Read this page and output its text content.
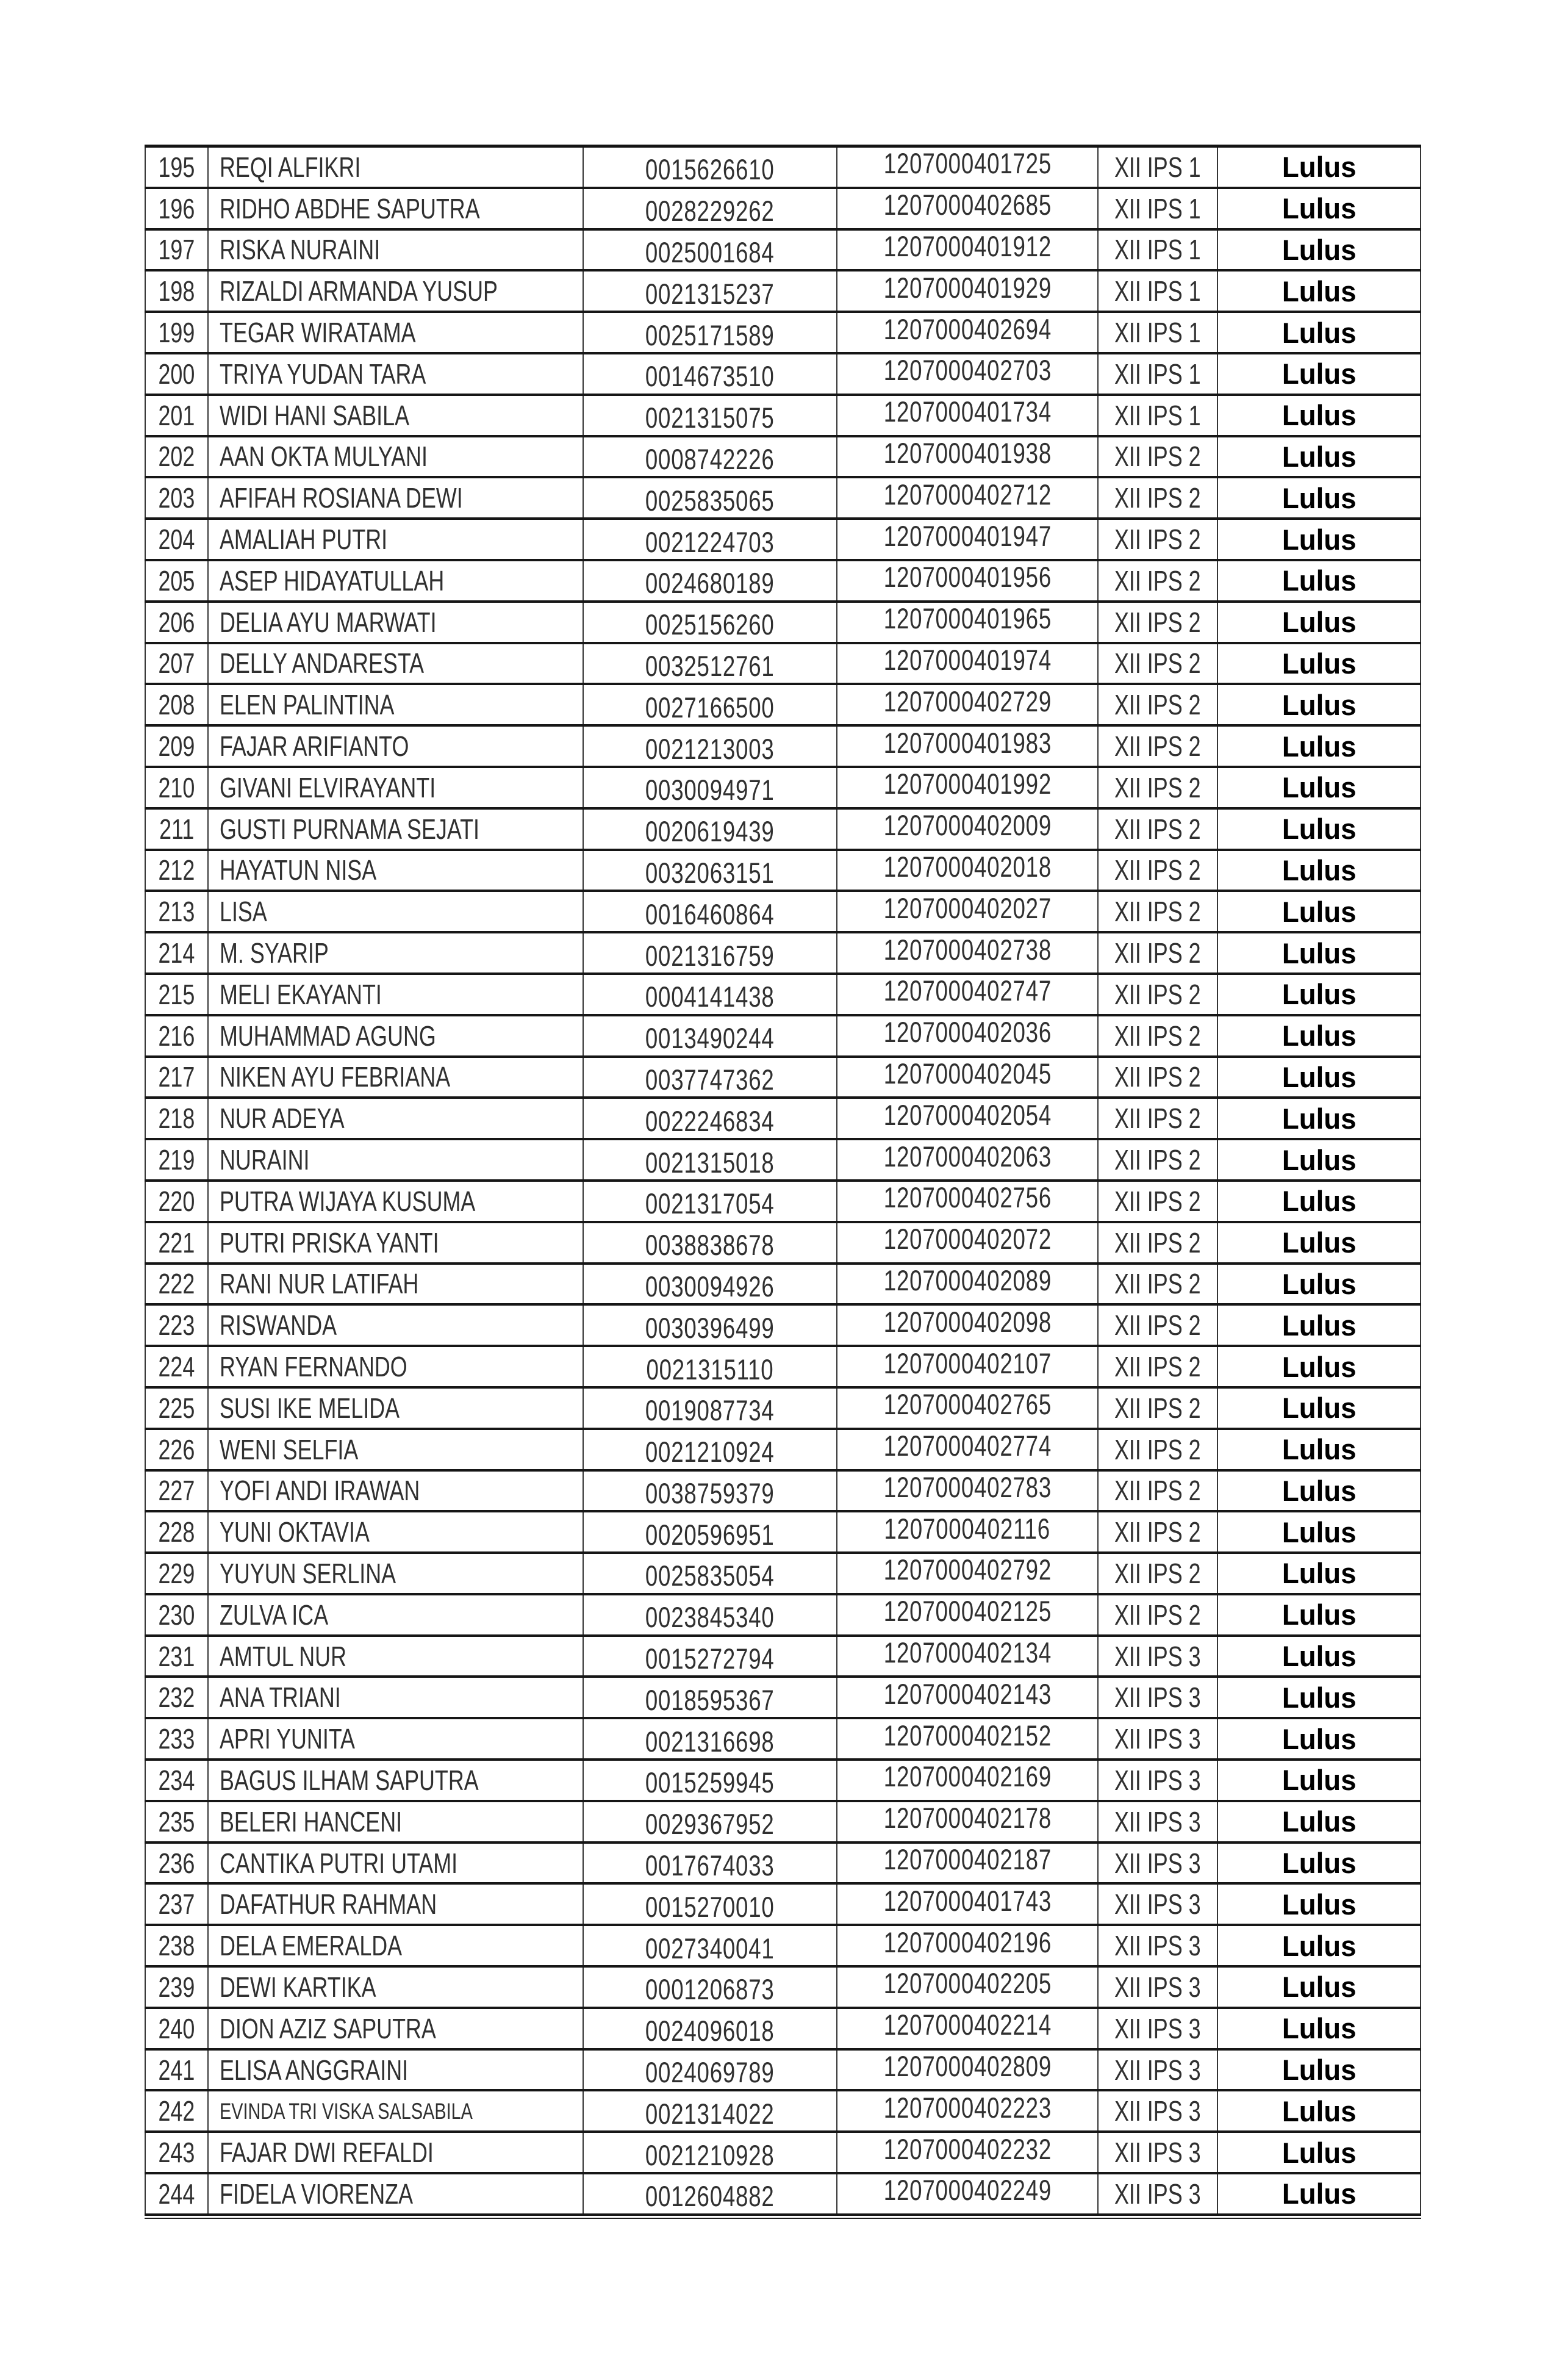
195 REQI ALFIKRI	0015626610	1207000401725 XII IPS 1	Lulus
196 RIDHO ABDHE SAPUTRA	0028229262	1207000402685 XII IPS 1	Lulus
197 RISKA NURAINI	0025001684	1207000401912 XII IPS 1	Lulus
198 RIZALDI ARMANDA YUSUP	0021315237	1207000401929 XII IPS 1	Lulus
199 TEGAR WIRATAMA	0025171589	1207000402694 XII IPS 1	Lulus
200 TRIYA YUDAN TARA	0014673510	1207000402703 XII IPS 1	Lulus
201 WIDI HANI SABILA	0021315075	1207000401734 XII IPS 1	Lulus
202 AAN OKTA MULYANI	0008742226	1207000401938 XII IPS 2	Lulus
203 AFIFAH ROSIANA DEWI	0025835065	1207000402712 XII IPS 2	Lulus
204 AMALIAH PUTRI	0021224703	1207000401947 XII IPS 2	Lulus
205 ASEP HIDAYATULLAH	0024680189	1207000401956 XII IPS 2	Lulus
206 DELIA AYU MARWATI	0025156260	1207000401965 XII IPS 2	Lulus
207 DELLY ANDARESTA	0032512761	1207000401974 XII IPS 2	Lulus
208 ELEN PALINTINA	0027166500	1207000402729 XII IPS 2	Lulus
209 FAJAR ARIFIANTO	0021213003	1207000401983 XII IPS 2	Lulus
210 GIVANI ELVIRAYANTI	0030094971	1207000401992 XII IPS 2	Lulus
211 GUSTI PURNAMA SEJATI	0020619439	1207000402009 XII IPS 2	Lulus
212 HAYATUN NISA	0032063151	1207000402018 XII IPS 2	Lulus
213 LISA	0016460864	1207000402027 XII IPS 2	Lulus
214 M. SYARIP	0021316759	1207000402738 XII IPS 2	Lulus
215 MELI EKAYANTI	0004141438	1207000402747 XII IPS 2	Lulus
216 MUHAMMAD AGUNG	0013490244	1207000402036 XII IPS 2	Lulus
217 NIKEN AYU FEBRIANA	0037747362	1207000402045 XII IPS 2	Lulus
218 NUR ADEYA	0022246834	1207000402054 XII IPS 2	Lulus
219 NURAINI	0021315018	1207000402063 XII IPS 2	Lulus
220 PUTRA WIJAYA KUSUMA	0021317054	1207000402756 XII IPS 2	Lulus
221 PUTRI PRISKA YANTI	0038838678	1207000402072 XII IPS 2	Lulus
222 RANI NUR LATIFAH	0030094926	1207000402089 XII IPS 2	Lulus
223 RISWANDA	0030396499	1207000402098 XII IPS 2	Lulus
224 RYAN FERNANDO	0021315110	1207000402107 XII IPS 2	Lulus
225 SUSI IKE MELIDA	0019087734	1207000402765 XII IPS 2	Lulus
226 WENI SELFIA	0021210924	1207000402774 XII IPS 2	Lulus
227 YOFI ANDI IRAWAN	0038759379	1207000402783 XII IPS 2	Lulus
228 YUNI OKTAVIA	0020596951	1207000402116 XII IPS 2	Lulus
229 YUYUN SERLINA	0025835054	1207000402792 XII IPS 2	Lulus
230 ZULVA ICA	0023845340	1207000402125 XII IPS 2	Lulus
231 AMTUL NUR	0015272794	1207000402134 XII IPS 3	Lulus
232 ANA TRIANI	0018595367	1207000402143 XII IPS 3	Lulus
233 APRI YUNITA	0021316698	1207000402152 XII IPS 3	Lulus
234 BAGUS ILHAM SAPUTRA	0015259945	1207000402169 XII IPS 3	Lulus
235 BELERI HANCENI	0029367952	1207000402178 XII IPS 3	Lulus
236 CANTIKA PUTRI UTAMI	0017674033	1207000402187 XII IPS 3	Lulus
237 DAFATHUR RAHMAN	0015270010	1207000401743 XII IPS 3	Lulus
238 DELA EMERALDA	0027340041	1207000402196 XII IPS 3	Lulus
239 DEWI KARTIKA	0001206873	1207000402205 XII IPS 3	Lulus
240 DION AZIZ SAPUTRA	0024096018	1207000402214 XII IPS 3	Lulus
241 ELISA ANGGRAINI	0024069789	1207000402809 XII IPS 3	Lulus
242 EVINDA TRI VISKA SALSABILA	0021314022	1207000402223 XII IPS 3	Lulus
243 FAJAR DWI REFALDI	0021210928	1207000402232 XII IPS 3	Lulus
244 FIDELA VIORENZA	0012604882	1207000402249 XII IPS 3	Lulus
